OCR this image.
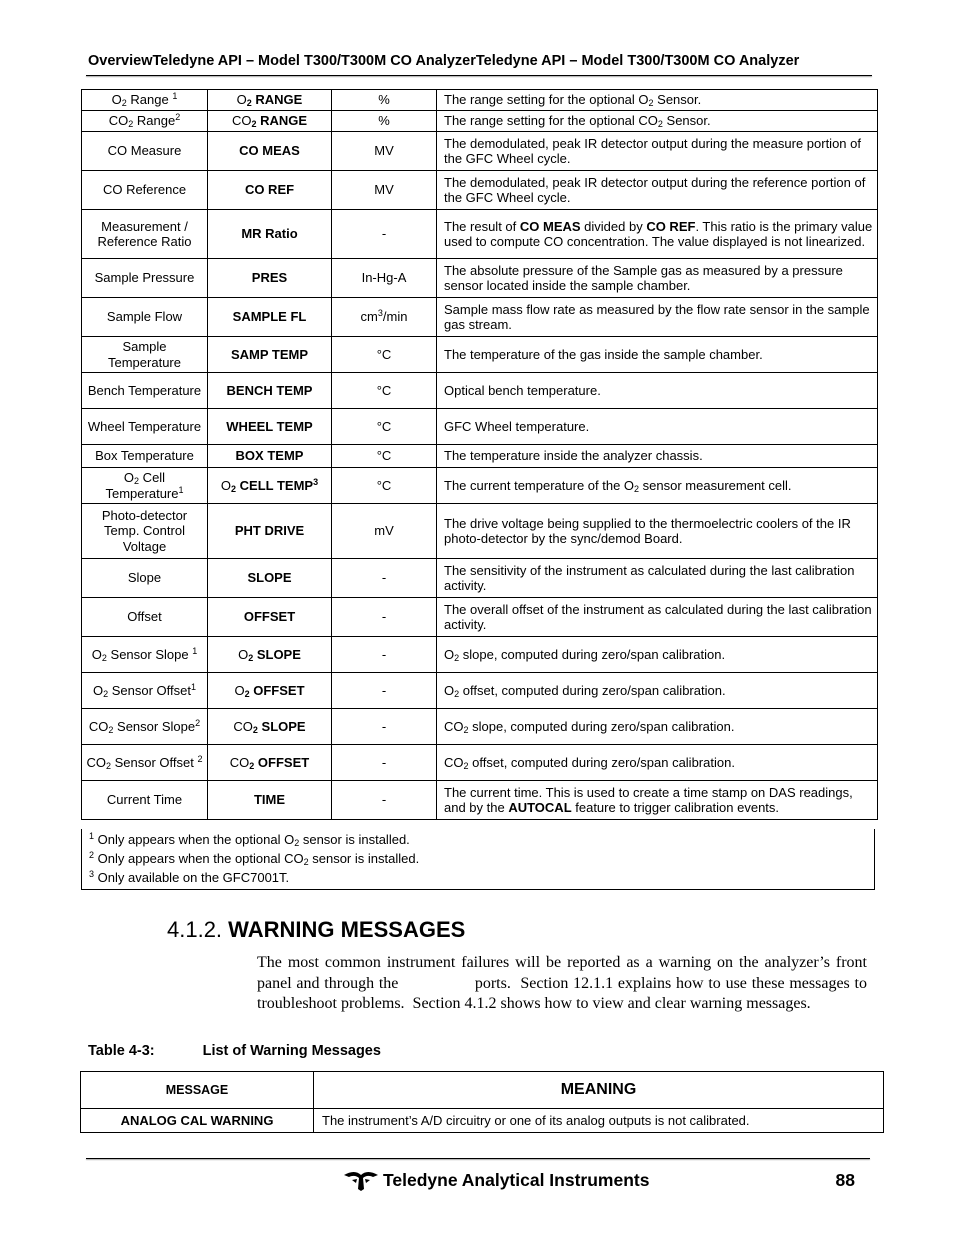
OverviewTeledyne API – Model T300/T300M CO AnalyzerTeledyne API – Model T300/T300M CO Analyzer
$O_2$ Range $^1$	$O_2$ RANGE	%	The range setting for the optional $O_2$ Sensor.
$CO_2$ Range$^2$	$CO_2$ RANGE	%	The range setting for the optional $CO_2$ Sensor.
CO Measure	CO MEAS	MV	The demodulated, peak IR detector output during the measure portion of the GFC Wheel cycle.
CO Reference	CO REF	MV	The demodulated, peak IR detector output during the reference portion of the GFC Wheel cycle.
Measurement / Reference Ratio	MR Ratio	-	The result of CO MEAS divided by CO REF. This ratio is the primary value used to compute CO concentration. The value displayed is not linearized.
Sample Pressure	PRES	In-Hg-A	The absolute pressure of the Sample gas as measured by a pressure sensor located inside the sample chamber.
Sample Flow	SAMPLE FL	$cm^3/\min$	Sample mass flow rate as measured by the flow rate sensor in the sample gas stream.
Sample Temperature	SAMP TEMP	°C	The temperature of the gas inside the sample chamber.
Bench Temperature	BENCH TEMP	°C	Optical bench temperature.
Wheel Temperature	WHEEL TEMP	°C	GFC Wheel temperature.
Box Temperature	BOX TEMP	°C	The temperature inside the analyzer chassis.
$O_2$ Cell Temperature$^1$	$O_2$ CELL TEMP$^3$	°C	The current temperature of the $O_2$ sensor measurement cell.
Photo-detector Temp. Control Voltage	PHT DRIVE	mV	The drive voltage being supplied to the thermoelectric coolers of the IR photo-detector by the sync/demod Board.
Slope	SLOPE	-	The sensitivity of the instrument as calculated during the last calibration activity.
Offset	OFFSET	-	The overall offset of the instrument as calculated during the last calibration activity.
$O_2$ Sensor Slope $^1$	$O_2$ SLOPE	-	$O_2$ slope, computed during zero/span calibration.
$O_2$ Sensor Offset$^1$	$O_2$ OFFSET	-	$O_2$ offset, computed during zero/span calibration.
$CO_2$ Sensor Slope$^2$	$CO_2$ SLOPE	-	$CO_2$ slope, computed during zero/span calibration.
$CO_2$ Sensor Offset $^2$	$CO_2$ OFFSET	-	$CO_2$ offset, computed during zero/span calibration.
Current Time	TIME	-	The current time. This is used to create a time stamp on DAS readings, and by the AUTOCAL feature to trigger calibration events.
$^1$ Only appears when the optional $O_2$ sensor is installed.
$^2$ Only appears when the optional $CO_2$ sensor is installed.
$^3$ Only available on the GFC7001T.
4.1.2. WARNING MESSAGES
The most common instrument failures will be reported as a warning on the analyzer’s front panel and through the                ports.  Section 12.1.1 explains how to use these messages to troubleshoot problems.  Section 4.1.2 shows how to view and clear warning messages.
Table 4-3:	List of Warning Messages
MESSAGE	MEANING
ANALOG CAL WARNING	The instrument’s A/D circuitry or one of its analog outputs is not calibrated.
Teledyne Analytical Instruments	88
